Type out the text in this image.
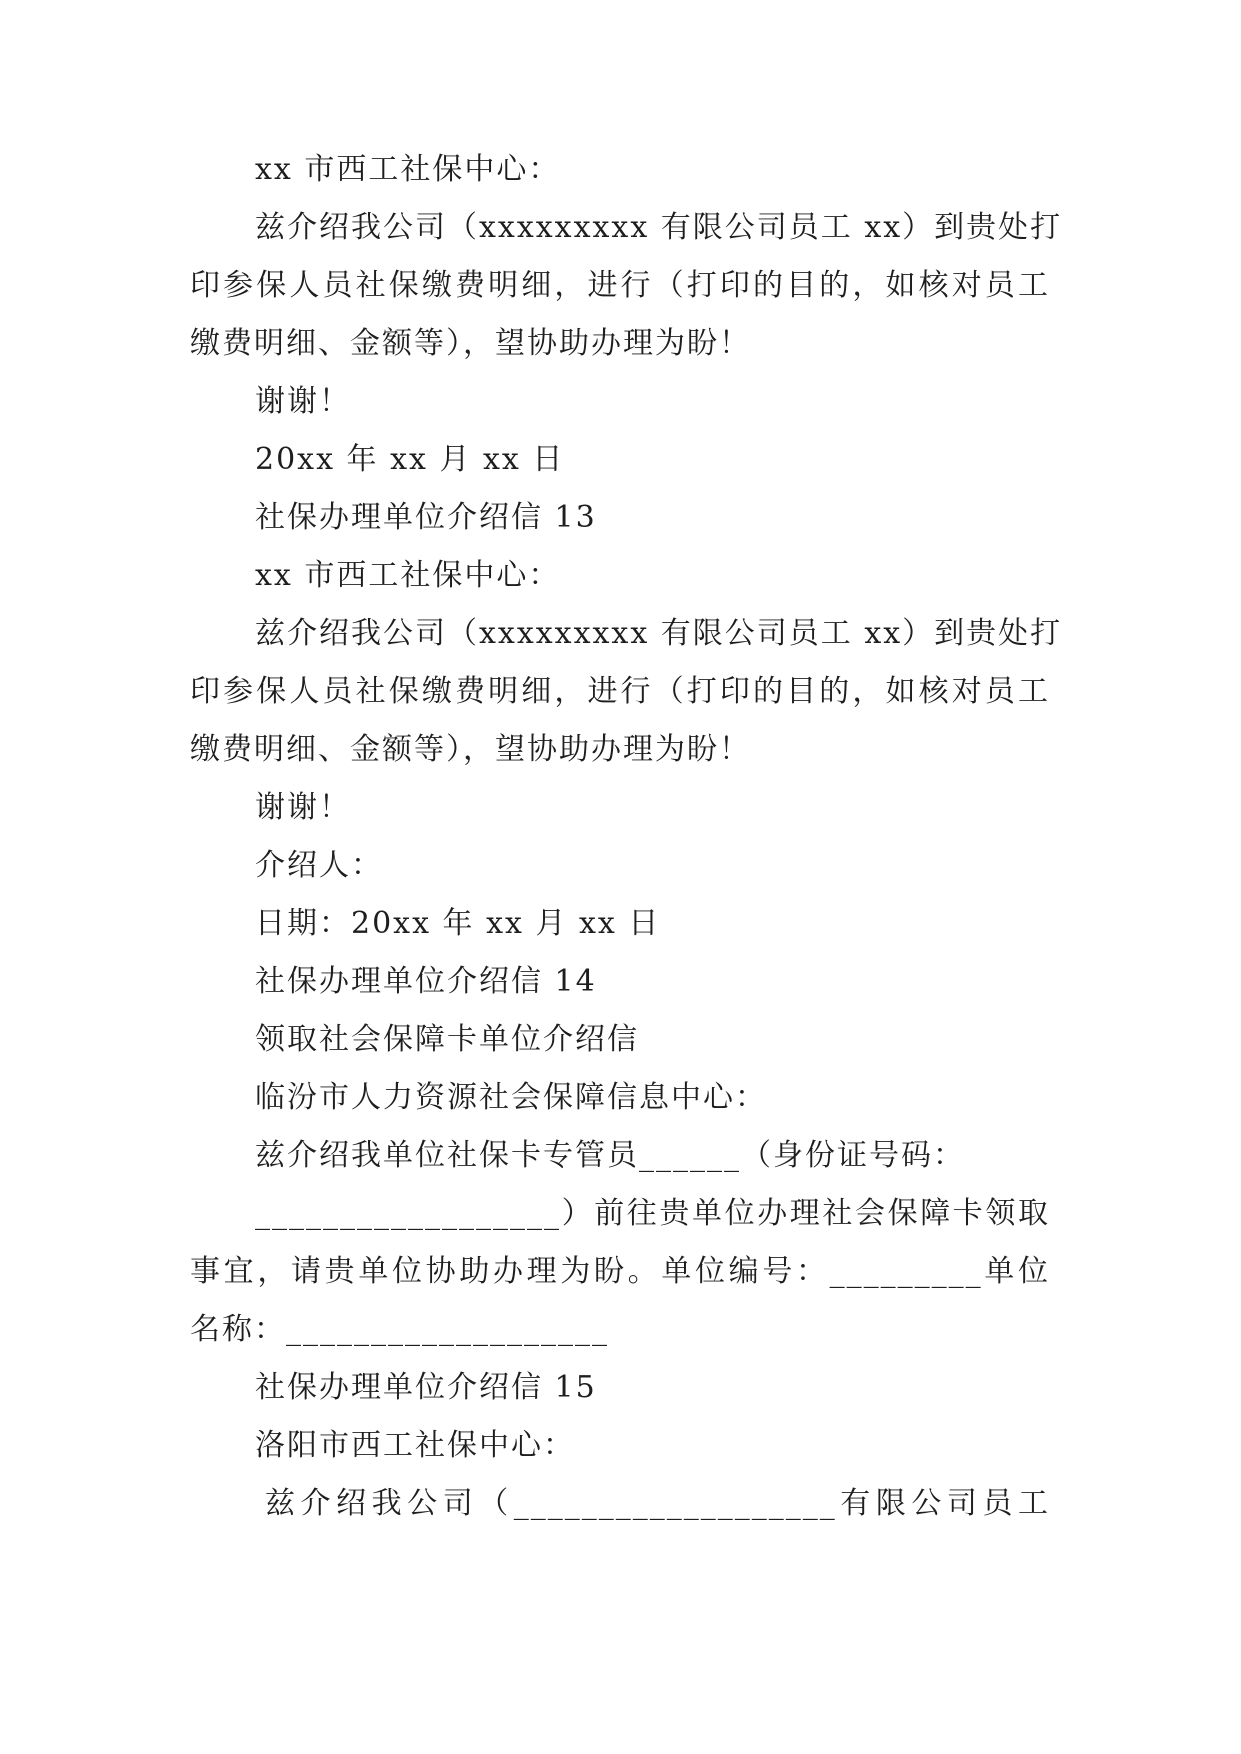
xx 市西工社保中心：
兹介绍我公司（xxxxxxxxx 有限公司员工 xx）到贵处打
印参保人员社保缴费明细，进行（打印的目的，如核对员工
缴费明细、金额等），望协助办理为盼！
谢谢！
20xx 年 xx 月 xx 日
社保办理单位介绍信 13
xx 市西工社保中心：
兹介绍我公司（xxxxxxxxx 有限公司员工 xx）到贵处打
印参保人员社保缴费明细，进行（打印的目的，如核对员工
缴费明细、金额等），望协助办理为盼！
谢谢！
介绍人：
日期：20xx 年 xx 月 xx 日
社保办理单位介绍信 14
领取社会保障卡单位介绍信
临汾市人力资源社会保障信息中心：
兹介绍我单位社保卡专管员______（身份证号码：
__________________）前往贵单位办理社会保障卡领取
事宜，请贵单位协助办理为盼。单位编号：_________单位
名称：___________________
社保办理单位介绍信 15
洛阳市西工社保中心：
兹介绍我公司（___________________有限公司员工
